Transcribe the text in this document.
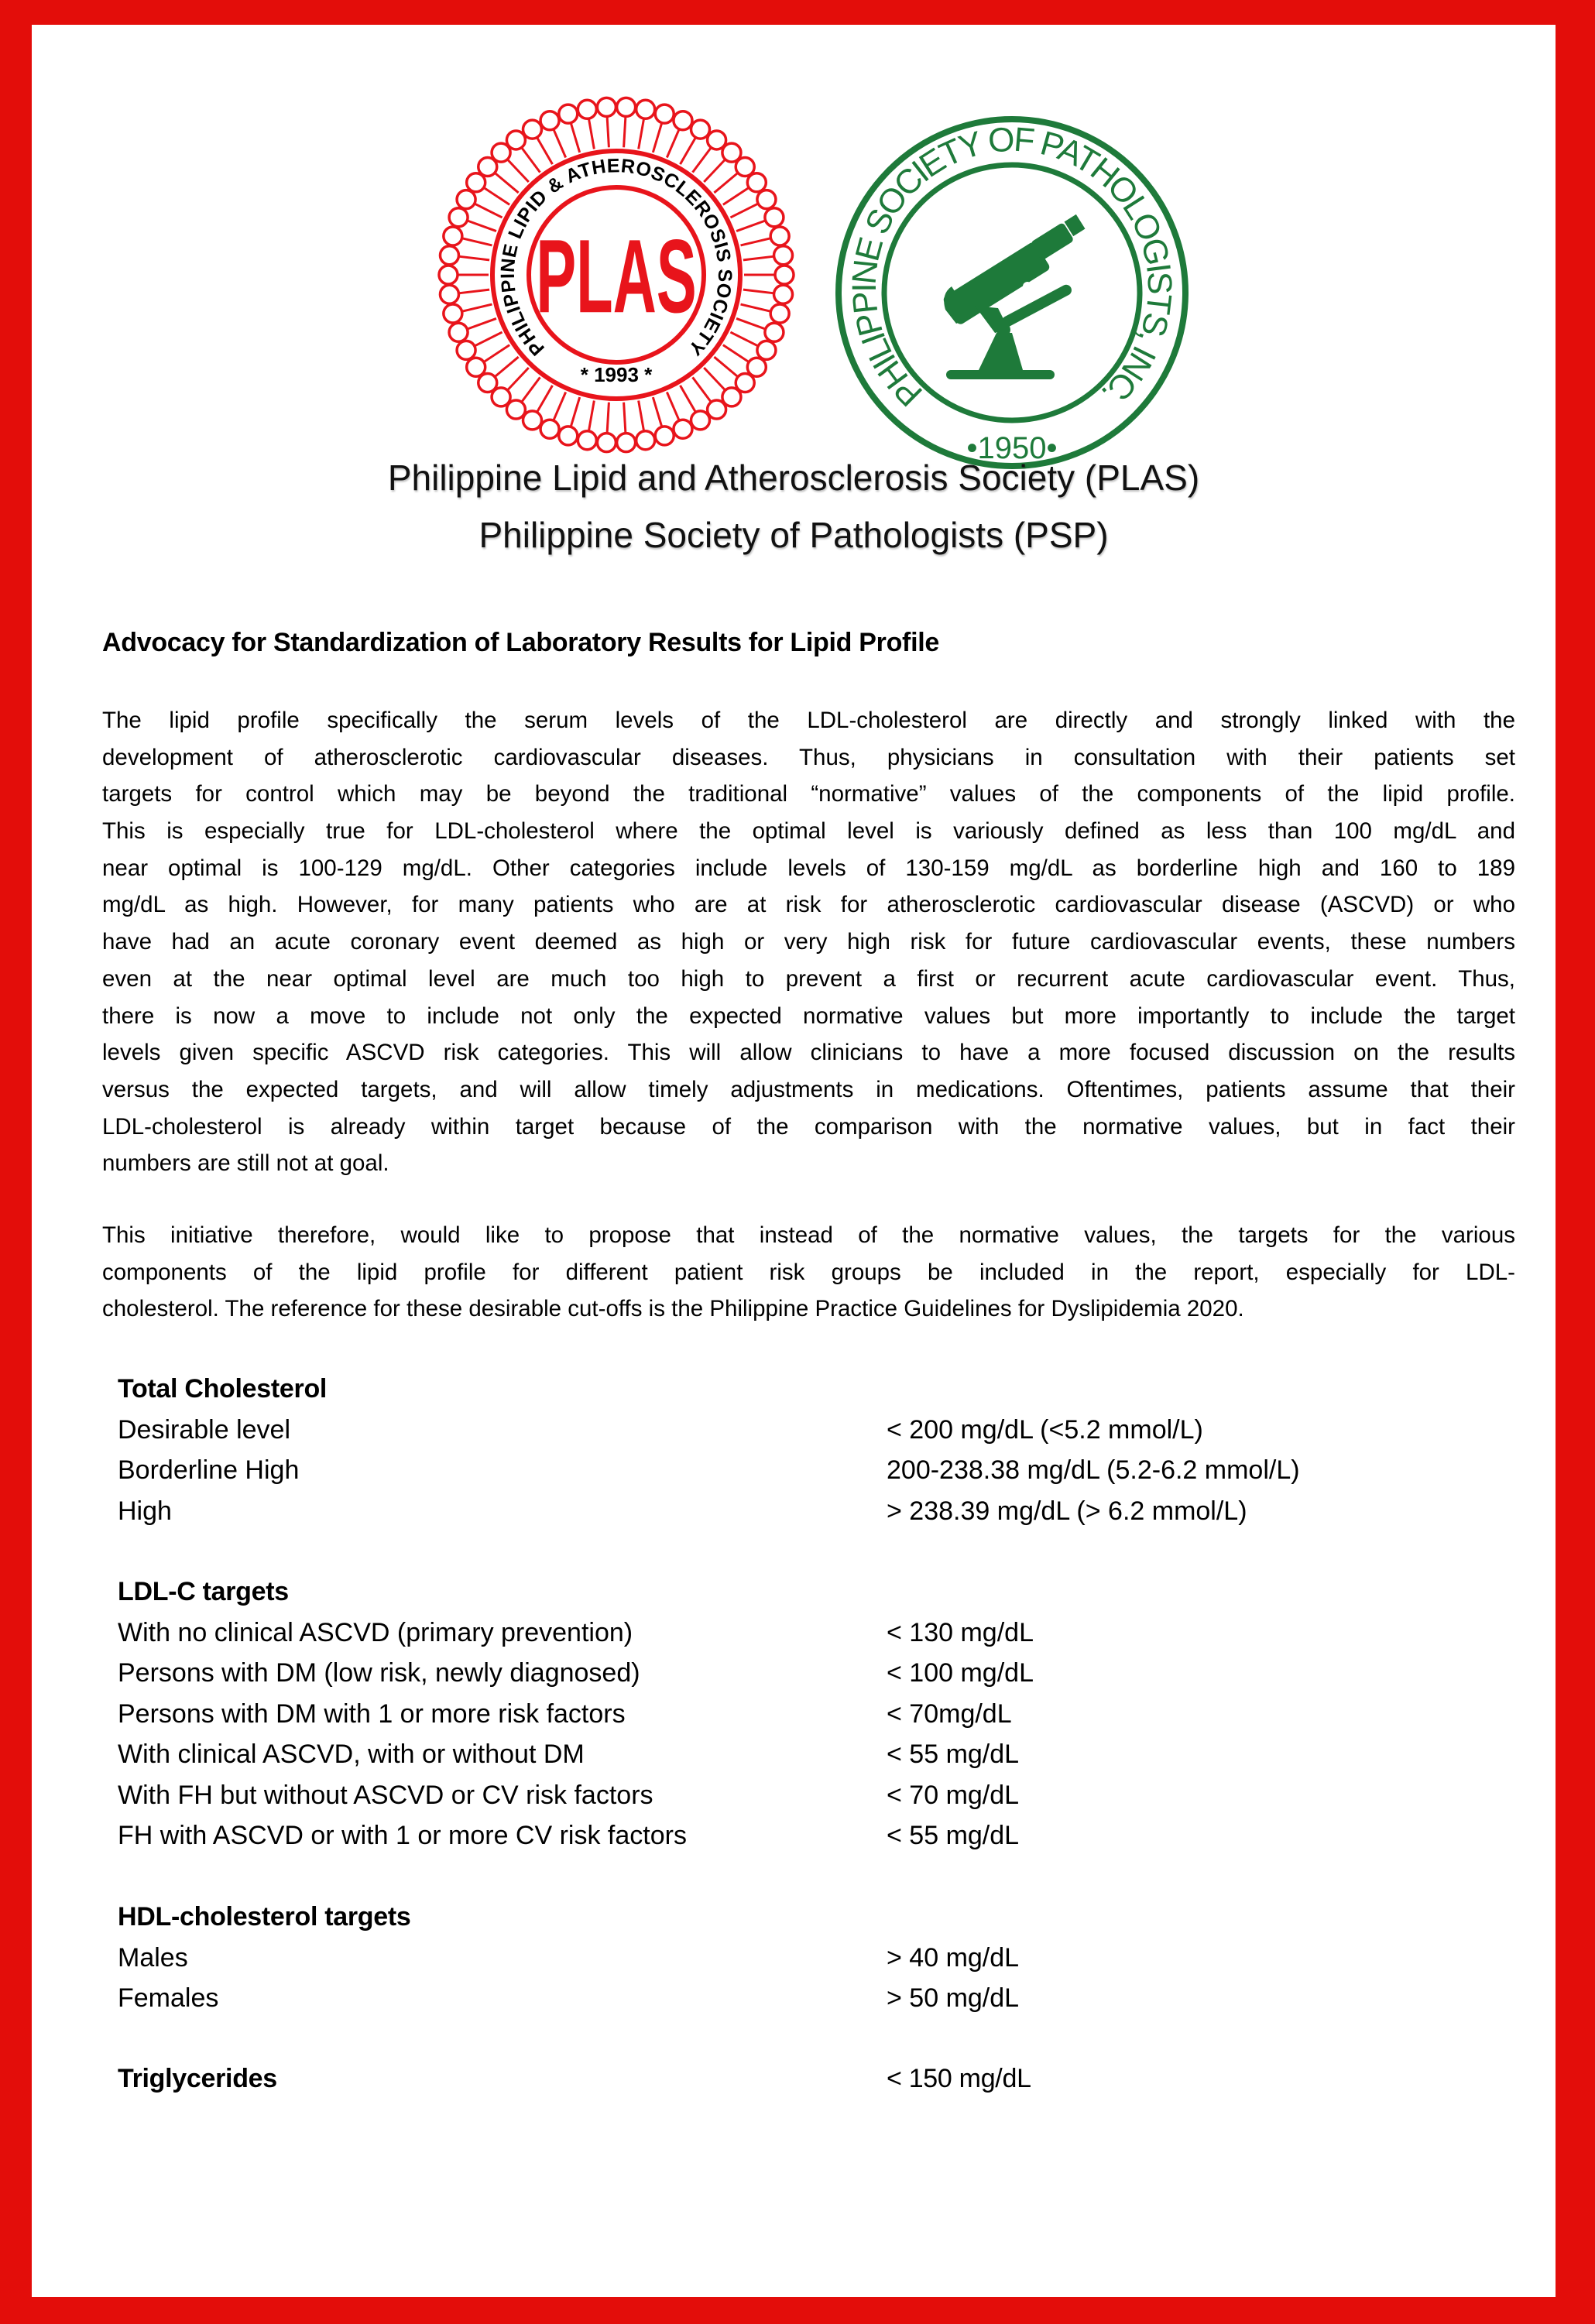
PHILIPPINE LIPID & ATHEROSCLEROSIS SOCIETY
PLAS
* 1993 *	PHILIPPINE SOCIETY OF PATHOLOGISTS, INC.
•1950•
Philippine Lipid and Atherosclerosis Society (PLAS)
Philippine Society of Pathologists (PSP)
Advocacy for Standardization of Laboratory Results for Lipid Profile
The lipid profile specifically the serum levels of the LDL-cholesterol are directly and strongly linked with the
development of atherosclerotic cardiovascular diseases. Thus, physicians in consultation with their patients set
targets for control which may be beyond the traditional “normative” values of the components of the lipid profile.
This is especially true for LDL-cholesterol where the optimal level is variously defined as less than 100 mg/dL and
near optimal is 100-129 mg/dL. Other categories include levels of 130-159 mg/dL as borderline high and 160 to 189
mg/dL as high. However, for many patients who are at risk for atherosclerotic cardiovascular disease (ASCVD) or who
have had an acute coronary event deemed as high or very high risk for future cardiovascular events, these numbers
even at the near optimal level are much too high to prevent a first or recurrent acute cardiovascular event. Thus,
there is now a move to include not only the expected normative values but more importantly to include the target
levels given specific ASCVD risk categories. This will allow clinicians to have a more focused discussion on the results
versus the expected targets, and will allow timely adjustments in medications. Oftentimes, patients assume that their
LDL-cholesterol is already within target because of the comparison with the normative values, but in fact their
numbers are still not at goal.
This initiative therefore, would like to propose that instead of the normative values, the targets for the various
components of the lipid profile for different patient risk groups be included in the report, especially for LDL-
cholesterol. The reference for these desirable cut-offs is the Philippine Practice Guidelines for Dyslipidemia 2020.
Total Cholesterol
Desirable level	< 200 mg/dL (<5.2 mmol/L)
Borderline High	200-238.38 mg/dL (5.2-6.2 mmol/L)
High	> 238.39 mg/dL (> 6.2 mmol/L)
LDL-C targets
With no clinical ASCVD (primary prevention)	< 130 mg/dL
Persons with DM (low risk, newly diagnosed)	< 100 mg/dL
Persons with DM with 1 or more risk factors	< 70mg/dL
With clinical ASCVD, with or without DM	< 55 mg/dL
With FH but without ASCVD or CV risk factors	< 70 mg/dL
FH with ASCVD or with 1 or more CV risk factors	< 55 mg/dL
HDL-cholesterol targets
Males	> 40 mg/dL
Females	> 50 mg/dL
Triglycerides	< 150 mg/dL
